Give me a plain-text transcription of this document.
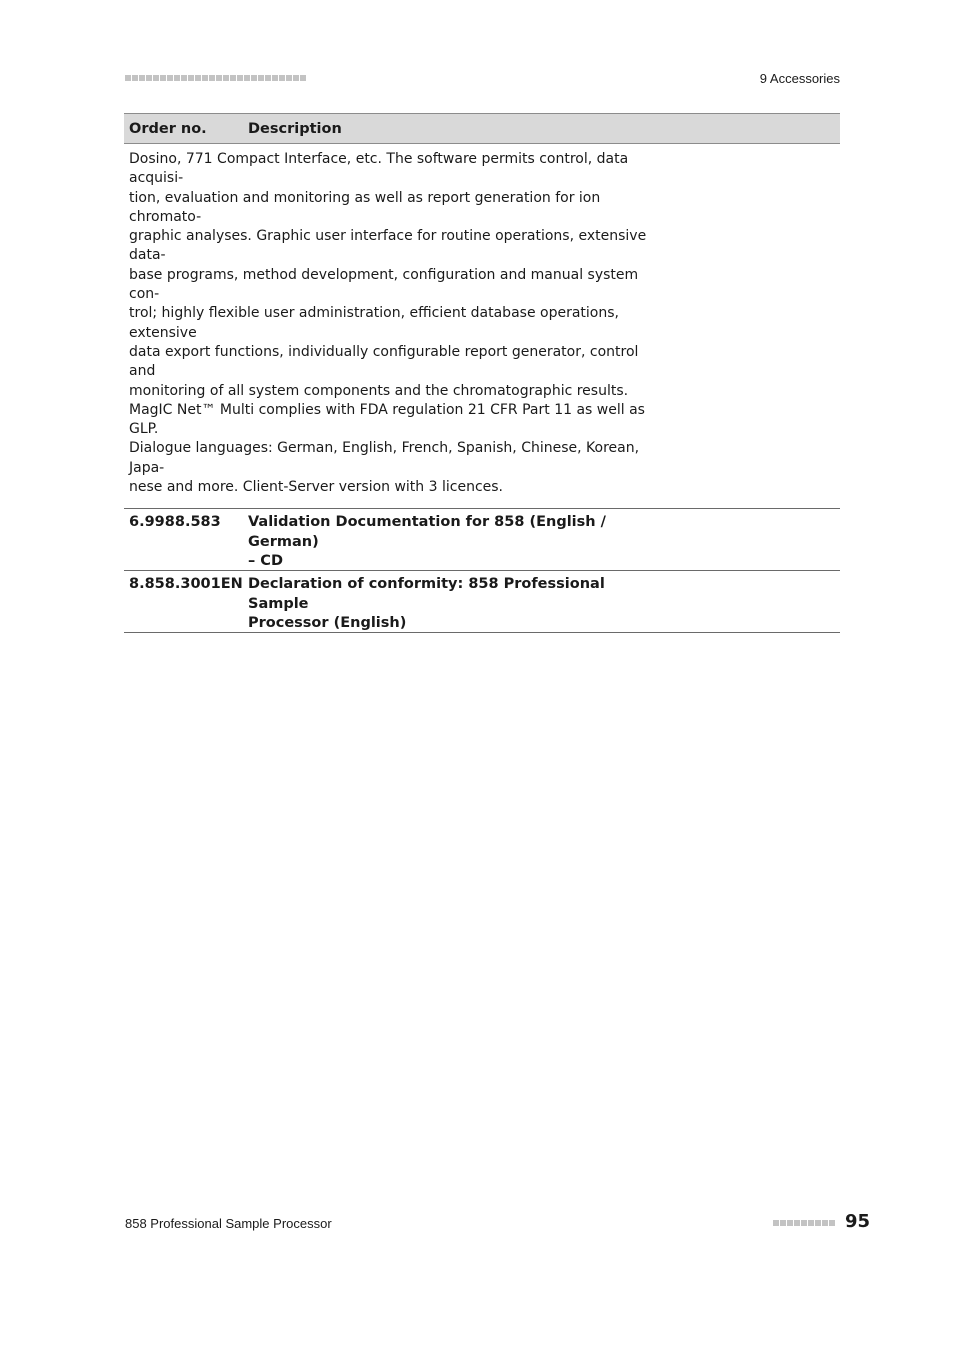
9 Accessories
Order no.	Description

Dosino, 771 Compact Interface, etc. The software permits control, data acquisi-

tion, evaluation and monitoring as well as report generation for ion chromato-

graphic analyses. Graphic user interface for routine operations, extensive data-

base programs, method development, configuration and manual system con-

trol; highly flexible user administration, efficient database operations, extensive

data export functions, individually configurable report generator, control and

monitoring of all system components and the chromatographic results.

MagIC Net™ Multi complies with FDA regulation 21 CFR Part 11 as well as GLP.

Dialogue languages: German, English, French, Spanish, Chinese, Korean, Japa-

nese and more. Client-Server version with 3 licences.

6.9988.583	Validation Documentation for 858 (English / German)
– CD
8.858.3001EN Declaration of conformity: 858 Professional Sample
Processor (English)
858 Professional Sample Processor	95
